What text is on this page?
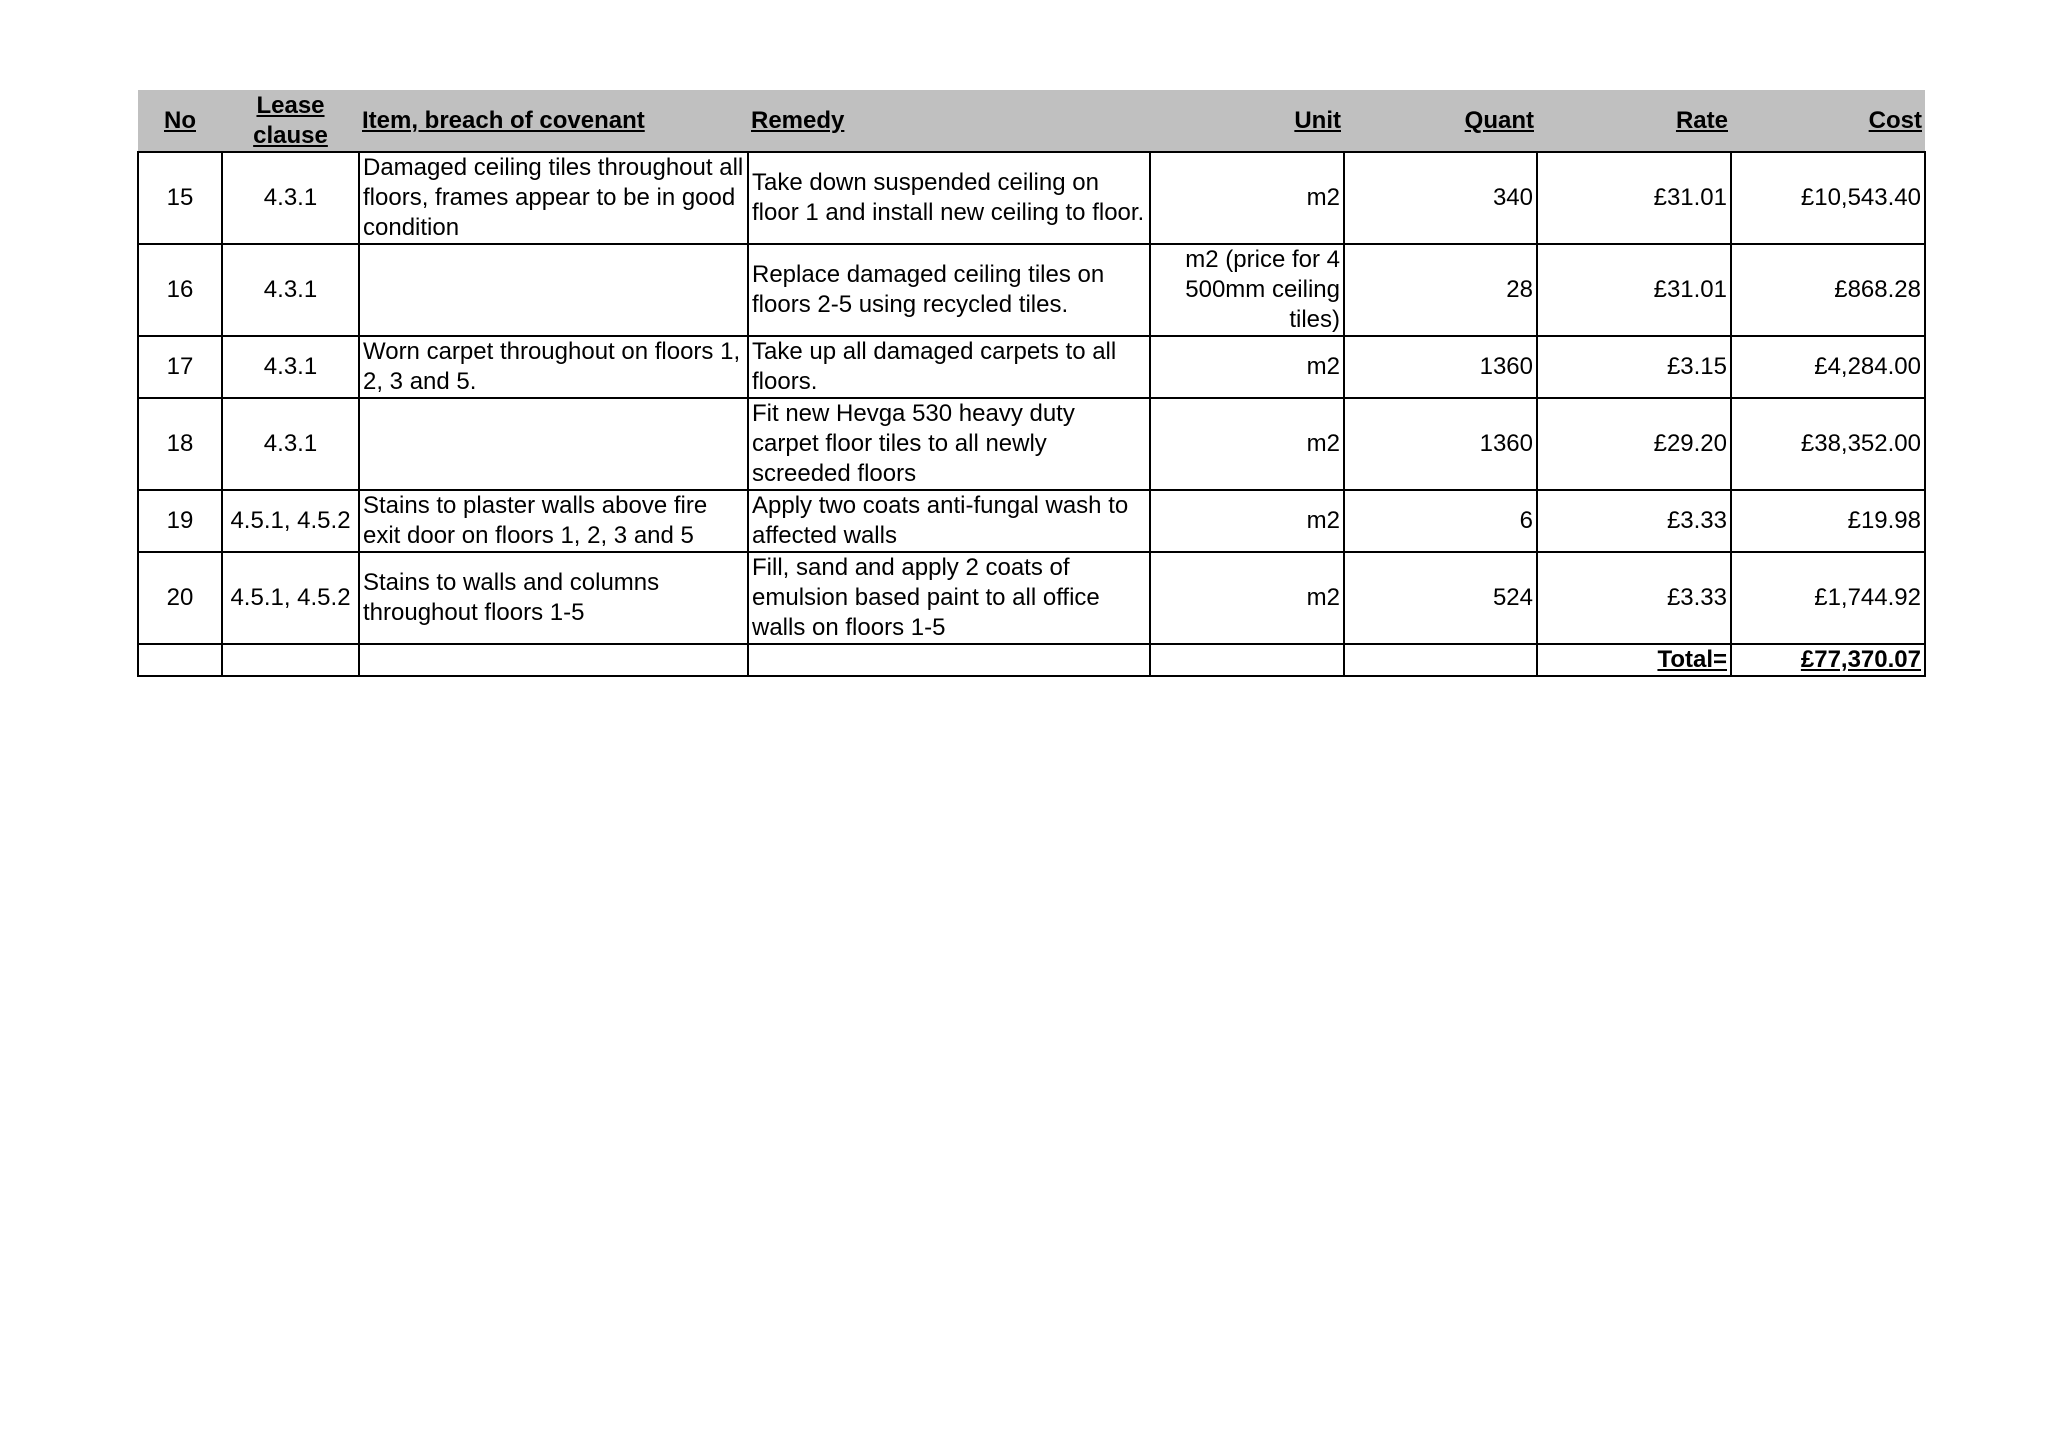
No	Lease clause	Item, breach of covenant	Remedy	Unit	Quant	Rate	Cost
15	4.3.1	Damaged ceiling tiles throughout all floors, frames appear to be in good condition	Take down suspended ceiling on floor 1 and install new ceiling to floor.	m2	340	£31.01	£10,543.40
16	4.3.1		Replace damaged ceiling tiles on floors 2-5 using recycled tiles.	m2 (price for 4 500mm ceiling tiles)	28	£31.01	£868.28
17	4.3.1	Worn carpet throughout on floors 1, 2, 3 and 5.	Take up all damaged carpets to all floors.	m2	1360	£3.15	£4,284.00
18	4.3.1		Fit new Hevga 530 heavy duty carpet floor tiles to all newly screeded floors	m2	1360	£29.20	£38,352.00
19	4.5.1, 4.5.2	Stains to plaster walls above fire exit door on floors 1, 2, 3 and 5	Apply two coats anti-fungal wash to affected walls	m2	6	£3.33	£19.98
20	4.5.1, 4.5.2	Stains to walls and columns throughout floors 1-5	Fill, sand and apply 2 coats of emulsion based paint to all office walls on floors 1-5	m2	524	£3.33	£1,744.92
						Total=	£77,370.07
